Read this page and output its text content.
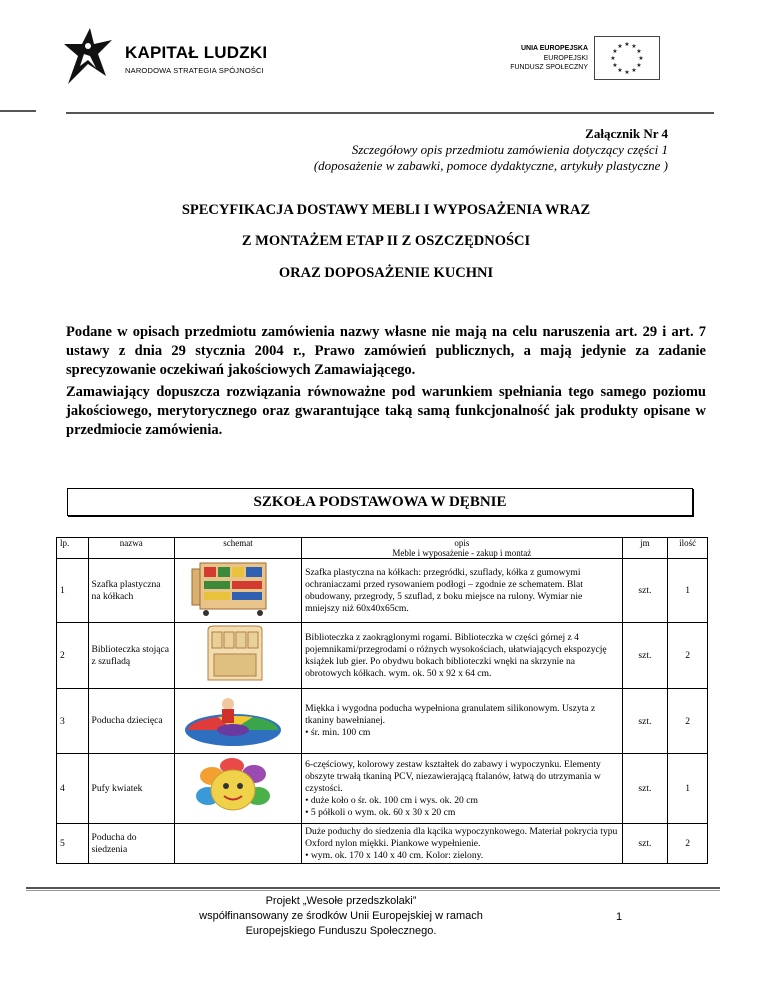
KAPITAŁ LUDZKI
NARODOWA STRATEGIA SPÓJNOŚCI
UNIA EUROPEJSKA
EUROPEJSKI
FUNDUSZ SPOŁECZNY
★ ★
★
★
★
★
★
★
★
★
★
★
Załącznik Nr 4
Szczegółowy opis przedmiotu zamówienia dotyczący części 1
(doposażenie w zabawki, pomoce dydaktyczne, artykuły plastyczne )
SPECYFIKACJA DOSTAWY MEBLI I WYPOSAŻENIA WRAZ
Z MONTAŻEM ETAP II Z OSZCZĘDNOŚCI
ORAZ DOPOSAŻENIE KUCHNI
Podane w opisach przedmiotu zamówienia nazwy własne nie mają na celu naruszenia art. 29 i art. 7 ustawy z dnia 29 stycznia 2004 r., Prawo zamówień publicznych, a mają jedynie za zadanie sprecyzowanie oczekiwań jakościowych Zamawiającego.
Zamawiający dopuszcza rozwiązania równoważne pod warunkiem spełniania tego samego poziomu jakościowego, merytorycznego oraz gwarantujące taką samą funkcjonalność jak produkty opisane w przedmiocie zamówienia.
SZKOŁA PODSTAWOWA W DĘBNIE
lp.	nazwa	schemat	opis	jm	ilość
			Meble i wyposażenie - zakup i montaż		
1	Szafka plastyczna na kółkach		Szafka plastyczna na kółkach: przegródki, szuflady, kółka z gumowymi ochraniaczami przed rysowaniem podłogi – zgodnie ze schematem. Blat obudowany, przegrody, 5 szuflad, z boku miejsce na rulony. Wymiar nie mniejszy niż 60x40x65cm.	szt.	1
2	Biblioteczka stojąca z szufladą		Biblioteczka z zaokrąglonymi rogami. Biblioteczka w części górnej z 4 pojemnikami/przegrodami o różnych wysokościach, ułatwiających ekspozycję książek lub gier. Po obydwu bokach biblioteczki wnęki na skrzynie na obrotowych kółkach. wym. ok. 50 x 92 x 64 cm.	szt.	2
3	Poducha dziecięca		Miękka i wygodna poducha wypełniona granulatem silikonowym. Uszyta z tkaniny bawełnianej.
• śr. min. 100 cm	szt.	2
4	Pufy kwiatek		6-częściowy, kolorowy zestaw kształtek do zabawy i wypoczynku. Elementy obszyte trwałą tkaniną PCV, niezawierającą ftalanów, łatwą do utrzymania w czystości.
• duże koło o śr. ok. 100 cm i wys. ok. 20 cm
• 5 półkoli o wym. ok. 60 x 30 x 20 cm	szt.	1
5	Poducha do siedzenia		Duże poduchy do siedzenia dla kącika wypoczynkowego. Materiał pokrycia typu Oxford nylon miękki. Piankowe wypełnienie.
• wym. ok. 170 x 140 x 40 cm. Kolor: zielony.	szt.	2
Projekt „Wesołe przedszkolaki”
współfinansowany ze środków Unii Europejskiej w ramach
Europejskiego Funduszu Społecznego.
1
